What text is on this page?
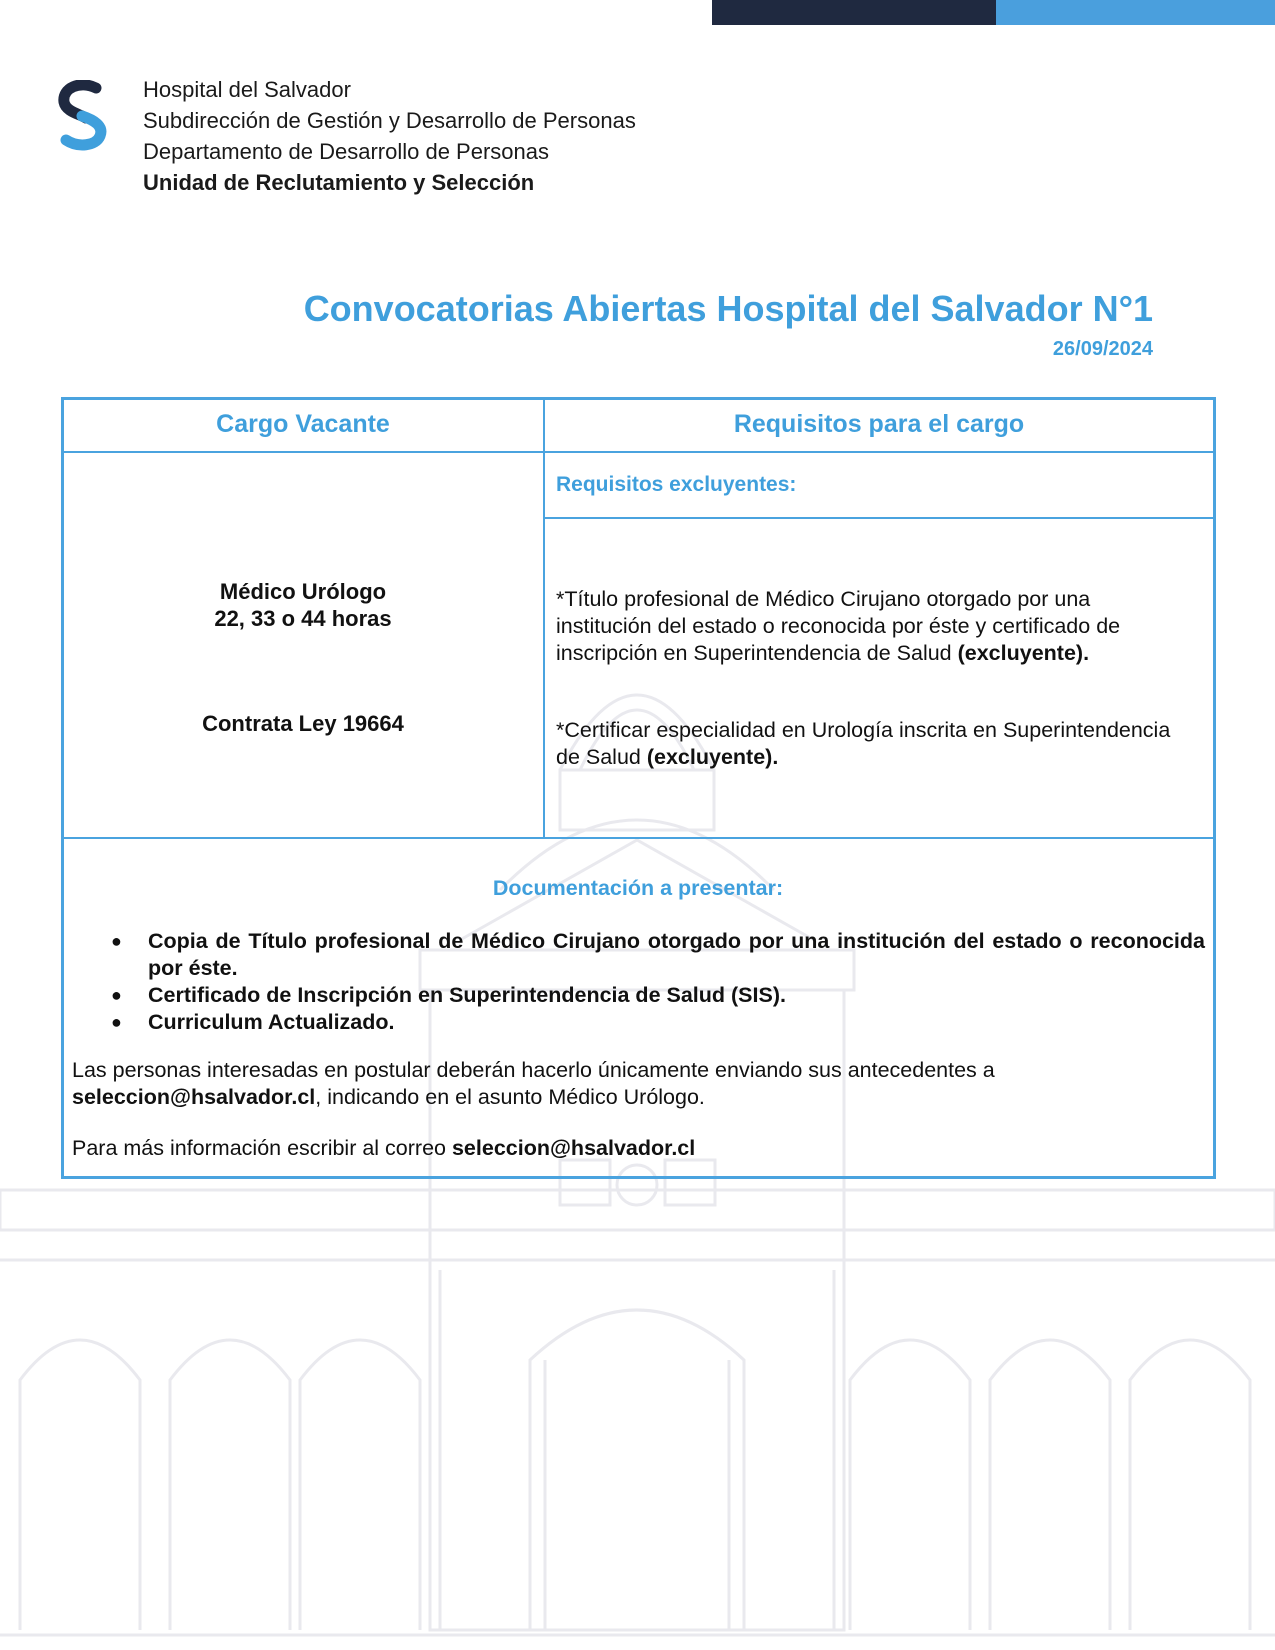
Hospital del Salvador
Subdirección de Gestión y Desarrollo de Personas
Departamento de Desarrollo de Personas
Unidad de Reclutamiento y Selección
Convocatorias Abiertas Hospital del Salvador N°1
26/09/2024
Cargo Vacante	Requisitos para el cargo
Requisitos excluyentes:
Médico Urólogo
22, 33 o 44 horas
Contrata Ley 19664
*Título profesional de Médico Cirujano otorgado por una institución del estado o reconocida por éste y certificado de inscripción en Superintendencia de Salud (excluyente).
*Certificar especialidad en Urología inscrita en Superintendencia de Salud (excluyente).
Documentación a presentar:
● Copia de Título profesional de Médico Cirujano otorgado por una institución del estado o reconocida por éste.
● Certificado de Inscripción en Superintendencia de Salud (SIS).
● Curriculum Actualizado.
Las personas interesadas en postular deberán hacerlo únicamente enviando sus antecedentes a seleccion@hsalvador.cl, indicando en el asunto Médico Urólogo.
Para más información escribir al correo seleccion@hsalvador.cl
